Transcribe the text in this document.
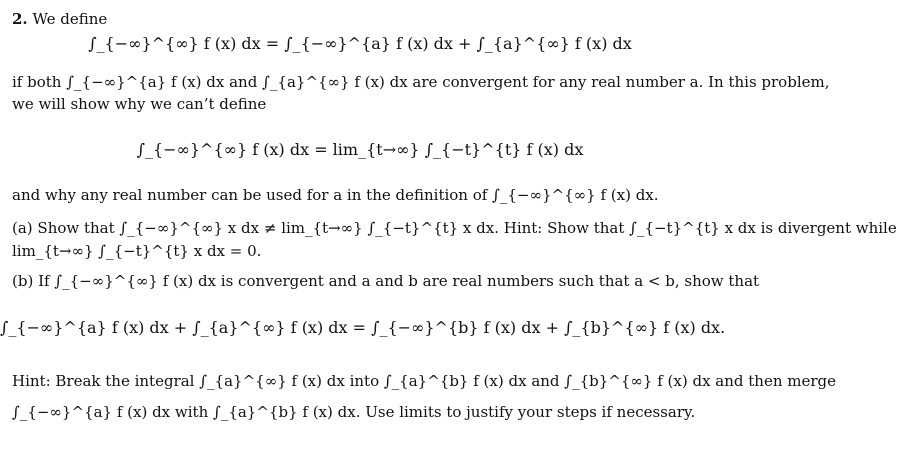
2. We define
∫_{−∞}^{∞} f (x) dx = ∫_{−∞}^{a} f (x) dx + ∫_{a}^{∞} f (x) dx
if both ∫_{−∞}^{a} f (x) dx and ∫_{a}^{∞} f (x) dx are convergent for any real number a. In this problem,
we will show why we can’t define
∫_{−∞}^{∞} f (x) dx = lim_{t→∞} ∫_{−t}^{t} f (x) dx
and why any real number can be used for a in the definition of ∫_{−∞}^{∞} f (x) dx.
(a) Show that ∫_{−∞}^{∞} x dx ≠ lim_{t→∞} ∫_{−t}^{t} x dx. Hint: Show that ∫_{−t}^{t} x dx is divergent while
lim_{t→∞} ∫_{−t}^{t} x dx = 0.
(b) If ∫_{−∞}^{∞} f (x) dx is convergent and a and b are real numbers such that a < b, show that
∫_{−∞}^{a} f (x) dx + ∫_{a}^{∞} f (x) dx = ∫_{−∞}^{b} f (x) dx + ∫_{b}^{∞} f (x) dx.
Hint: Break the integral ∫_{a}^{∞} f (x) dx into ∫_{a}^{b} f (x) dx and ∫_{b}^{∞} f (x) dx and then merge
∫_{−∞}^{a} f (x) dx with ∫_{a}^{b} f (x) dx. Use limits to justify your steps if necessary.
